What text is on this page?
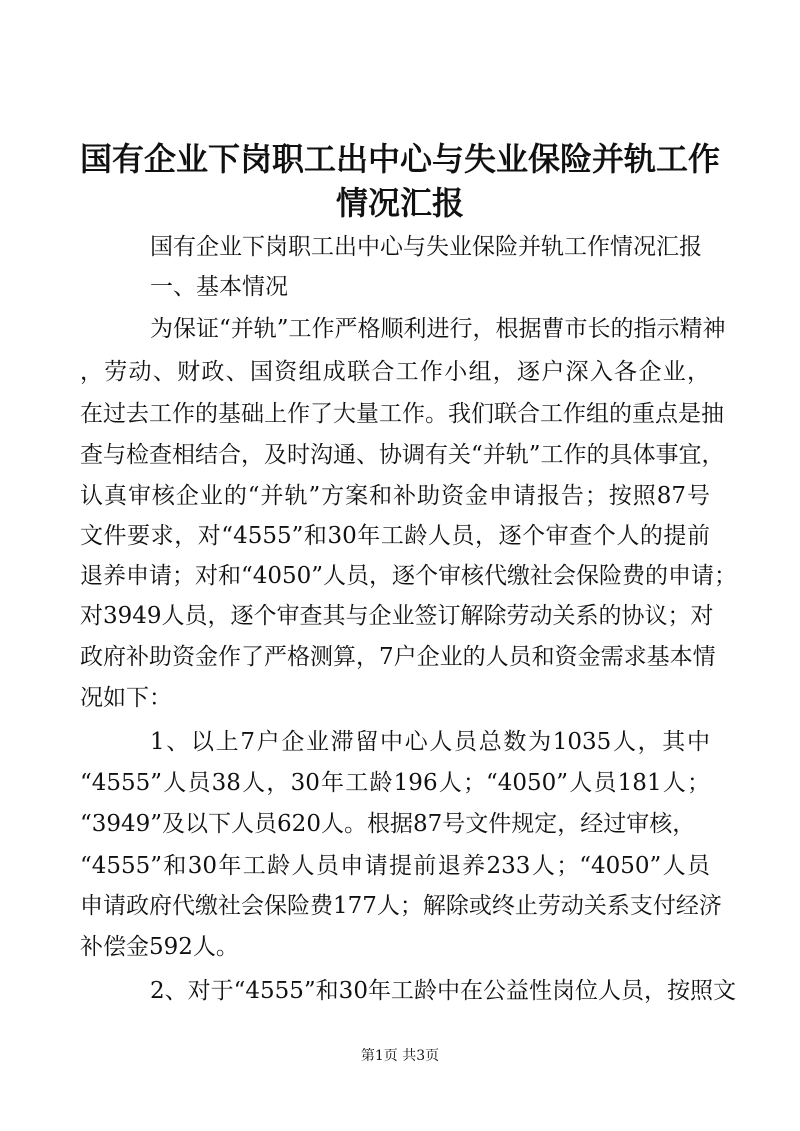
国有企业下岗职工出中心与失业保险并轨工作
情况汇报

国有企业下岗职工出中心与失业保险并轨工作情况汇报

一、基本情况

为保证“并轨”工作严格顺利进行，根据曹市长的指示精神

，劳动、财政、国资组成联合工作小组，逐户深入各企业，

在过去工作的基础上作了大量工作。我们联合工作组的重点是抽

查与检查相结合，及时沟通、协调有关“并轨”工作的具体事宜，

认真审核企业的“并轨”方案和补助资金申请报告；按照87号

文件要求，对“4555”和30年工龄人员，逐个审查个人的提前

退养申请；对和“4050”人员，逐个审核代缴社会保险费的申请；

对3949人员，逐个审查其与企业签订解除劳动关系的协议；对

政府补助资金作了严格测算，7户企业的人员和资金需求基本情

况如下：

1、以上7户企业滞留中心人员总数为1035人，其中

“4555”人员38人，30年工龄196人；“4050”人员181人；

“3949”及以下人员620人。根据87号文件规定，经过审核，

“4555”和30年工龄人员申请提前退养233人；“4050”人员

申请政府代缴社会保险费177人；解除或终止劳动关系支付经济

补偿金592人。

2、对于“4555”和30年工龄中在公益性岗位人员，按照文

第1页 共3页
